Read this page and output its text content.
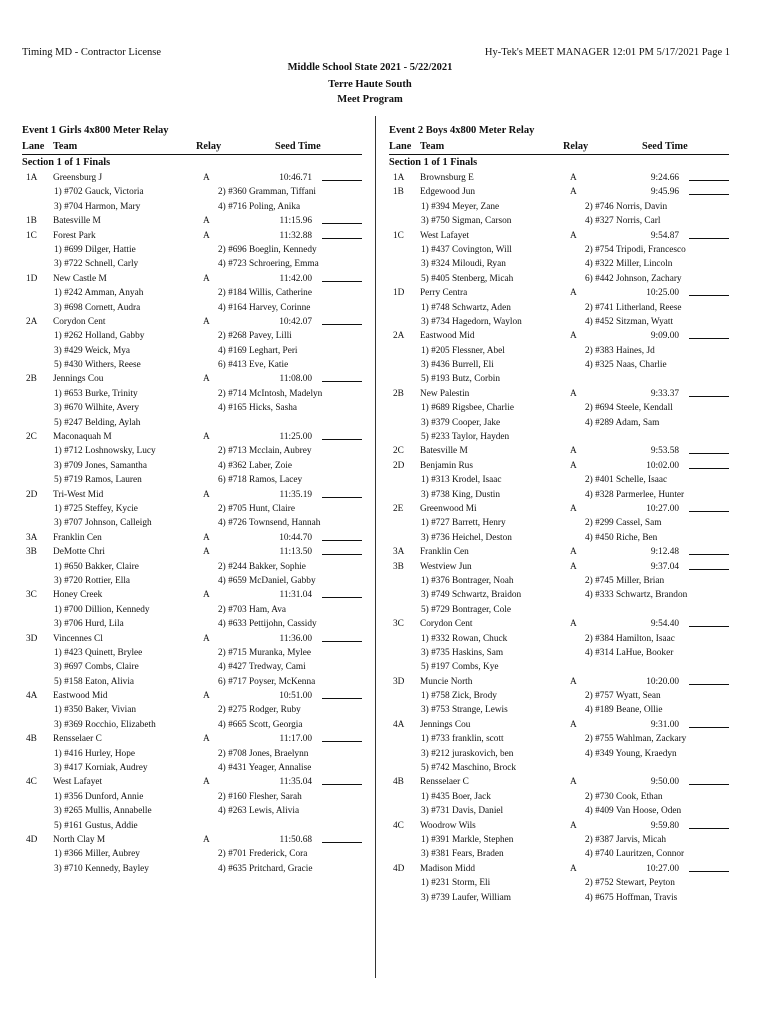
Timing MD - Contractor License	Hy-Tek's MEET MANAGER 12:01 PM 5/17/2021 Page 1
Middle School State 2021 - 5/22/2021
Terre Haute South
Meet Program
Event 1 Girls 4x800 Meter Relay
Lane Team	Relay	Seed Time
Section 1 of 1 Finals
1A Greensburg J	A	10:46.71
1) #702 Gauck, Victoria	2) #360 Gramman, Tiffani
3) #704 Harmon, Mary	4) #716 Poling, Anika
1B Batesville M	A	11:15.96
1C Forest Park	A	11:32.88
1) #699 Dilger, Hattie	2) #696 Boeglin, Kennedy
3) #722 Schnell, Carly	4) #723 Schroering, Emma
1D New Castle M	A	11:42.00
1) #242 Amman, Anyah	2) #184 Willis, Catherine
3) #698 Cornett, Audra	4) #164 Harvey, Corinne
2A Corydon Cent	A	10:42.07
1) #262 Holland, Gabby	2) #268 Pavey, Lilli
3) #429 Weick, Mya	4) #169 Leghart, Peri
5) #430 Withers, Reese	6) #413 Eve, Katie
2B Jennings Cou	A	11:08.00
1) #653 Burke, Trinity	2) #714 McIntosh, Madelyn
3) #670 Wilhite, Avery	4) #165 Hicks, Sasha
5) #247 Belding, Aylah
2C Maconaquah M	A	11:25.00
1) #712 Loshnowsky, Lucy	2) #713 Mcclain, Aubrey
3) #709 Jones, Samantha	4) #362 Laber, Zoie
5) #719 Ramos, Lauren	6) #718 Ramos, Lacey
2D Tri-West Mid	A	11:35.19
1) #725 Steffey, Kycie	2) #705 Hunt, Claire
3) #707 Johnson, Calleigh	4) #726 Townsend, Hannah
3A Franklin Cen	A	10:44.70
3B DeMotte Chri	A	11:13.50
1) #650 Bakker, Claire	2) #244 Bakker, Sophie
3) #720 Rottier, Ella	4) #659 McDaniel, Gabby
3C Honey Creek	A	11:31.04
1) #700 Dillion, Kennedy	2) #703 Ham, Ava
3) #706 Hurd, Lila	4) #633 Pettijohn, Cassidy
3D Vincennes Cl	A	11:36.00
1) #423 Quinett, Brylee	2) #715 Muranka, Mylee
3) #697 Combs, Claire	4) #427 Tredway, Cami
5) #158 Eaton, Alivia	6) #717 Poyser, McKenna
4A Eastwood Mid	A	10:51.00
1) #350 Baker, Vivian	2) #275 Rodger, Ruby
3) #369 Rocchio, Elizabeth	4) #665 Scott, Georgia
4B Rensselaer C	A	11:17.00
1) #416 Hurley, Hope	2) #708 Jones, Braelynn
3) #417 Korniak, Audrey	4) #431 Yeager, Annalise
4C West Lafayet	A	11:35.04
1) #356 Dunford, Annie	2) #160 Flesher, Sarah
3) #265 Mullis, Annabelle	4) #263 Lewis, Alivia
5) #161 Gustus, Addie
4D North Clay M	A	11:50.68
1) #366 Miller, Aubrey	2) #701 Frederick, Cora
3) #710 Kennedy, Bayley	4) #635 Pritchard, Gracie
Event 2 Boys 4x800 Meter Relay
Lane Team	Relay	Seed Time
Section 1 of 1 Finals
1A Brownsburg E	A	9:24.66
1B Edgewood Jun	A	9:45.96
1) #394 Meyer, Zane	2) #746 Norris, Davin
3) #750 Sigman, Carson	4) #327 Norris, Carl
1C West Lafayet	A	9:54.87
1) #437 Covington, Will	2) #754 Tripodi, Francesco
3) #324 Miloudi, Ryan	4) #322 Miller, Lincoln
5) #405 Stenberg, Micah	6) #442 Johnson, Zachary
1D Perry Centra	A	10:25.00
1) #748 Schwartz, Aden	2) #741 Litherland, Reese
3) #734 Hagedorn, Waylon	4) #452 Sitzman, Wyatt
2A Eastwood Mid	A	9:09.00
1) #205 Flessner, Abel	2) #383 Haines, Jd
3) #436 Burrell, Eli	4) #325 Naas, Charlie
5) #193 Butz, Corbin
2B New Palestin	A	9:33.37
1) #689 Rigsbee, Charlie	2) #694 Steele, Kendall
3) #379 Cooper, Jake	4) #289 Adam, Sam
5) #233 Taylor, Hayden
2C Batesville M	A	9:53.58
2D Benjamin Rus	A	10:02.00
1) #313 Krodel, Isaac	2) #401 Schelle, Isaac
3) #738 King, Dustin	4) #328 Parmerlee, Hunter
2E Greenwood Mi	A	10:27.00
1) #727 Barrett, Henry	2) #299 Cassel, Sam
3) #736 Heichel, Deston	4) #450 Riche, Ben
3A Franklin Cen	A	9:12.48
3B Westview Jun	A	9:37.04
1) #376 Bontrager, Noah	2) #745 Miller, Brian
3) #749 Schwartz, Braidon	4) #333 Schwartz, Brandon
5) #729 Bontrager, Cole
3C Corydon Cent	A	9:54.40
1) #332 Rowan, Chuck	2) #384 Hamilton, Isaac
3) #735 Haskins, Sam	4) #314 LaHue, Booker
5) #197 Combs, Kye
3D Muncie North	A	10:20.00
1) #758 Zick, Brody	2) #757 Wyatt, Sean
3) #753 Strange, Lewis	4) #189 Beane, Ollie
4A Jennings Cou	A	9:31.00
1) #733 franklin, scott	2) #755 Wahlman, Zackary
3) #212 juraskovich, ben	4) #349 Young, Kraedyn
5) #742 Maschino, Brock
4B Rensselaer C	A	9:50.00
1) #435 Boer, Jack	2) #730 Cook, Ethan
3) #731 Davis, Daniel	4) #409 Van Hoose, Oden
4C Woodrow Wils	A	9:59.80
1) #391 Markle, Stephen	2) #387 Jarvis, Micah
3) #381 Fears, Braden	4) #740 Lauritzen, Connor
4D Madison Midd	A	10:27.00
1) #231 Storm, Eli	2) #752 Stewart, Peyton
3) #739 Laufer, William	4) #675 Hoffman, Travis
